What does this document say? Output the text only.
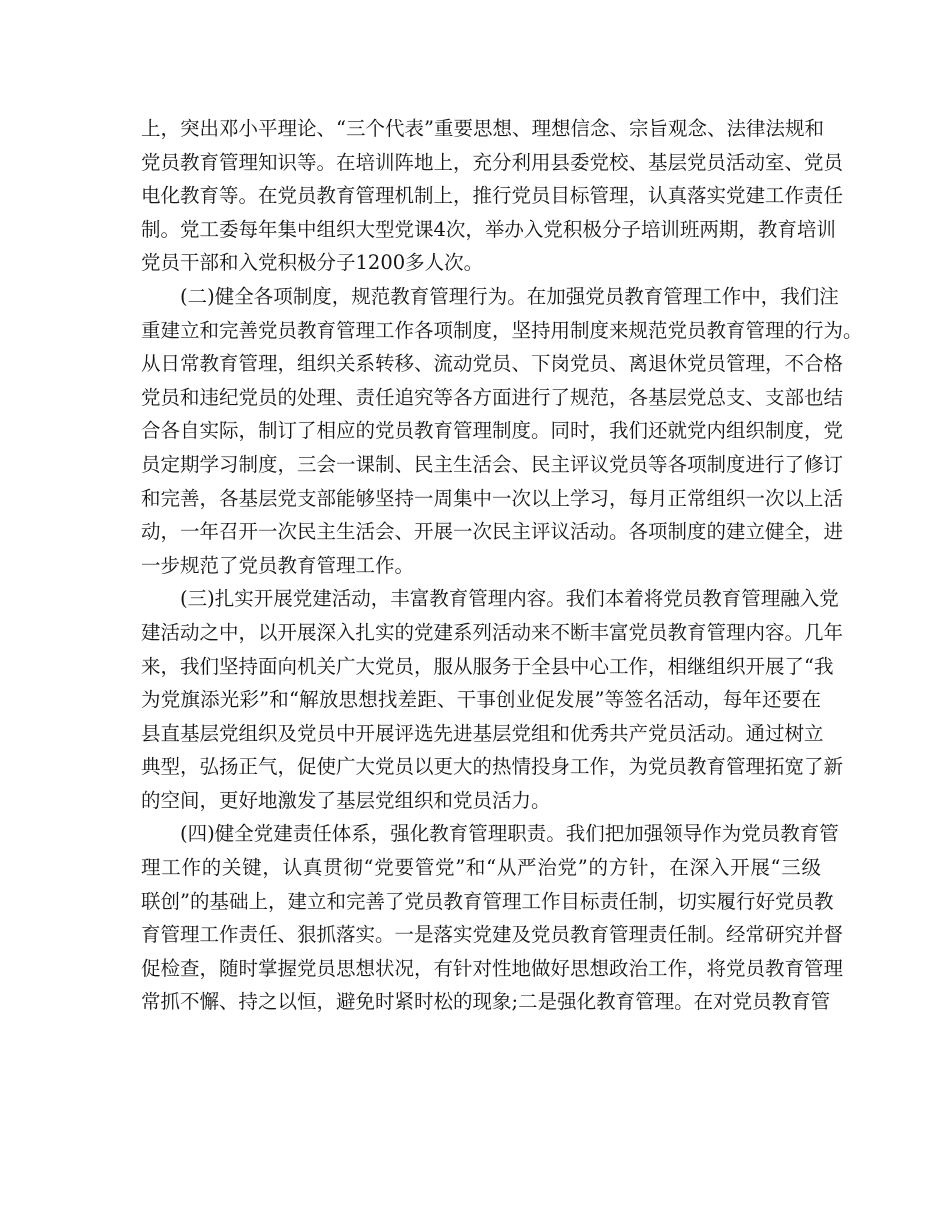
上，突出邓小平理论、“三个代表”重要思想、理想信念、宗旨观念、法律法规和
党员教育管理知识等。在培训阵地上，充分利用县委党校、基层党员活动室、党员
电化教育等。在党员教育管理机制上，推行党员目标管理，认真落实党建工作责任
制。党工委每年集中组织大型党课4次，举办入党积极分子培训班两期，教育培训
党员干部和入党积极分子1200多人次。
(二)健全各项制度，规范教育管理行为。在加强党员教育管理工作中，我们注
重建立和完善党员教育管理工作各项制度，坚持用制度来规范党员教育管理的行为。
从日常教育管理，组织关系转移、流动党员、下岗党员、离退休党员管理，不合格
党员和违纪党员的处理、责任追究等各方面进行了规范，各基层党总支、支部也结
合各自实际，制订了相应的党员教育管理制度。同时，我们还就党内组织制度，党
员定期学习制度，三会一课制、民主生活会、民主评议党员等各项制度进行了修订
和完善，各基层党支部能够坚持一周集中一次以上学习，每月正常组织一次以上活
动，一年召开一次民主生活会、开展一次民主评议活动。各项制度的建立健全，进
一步规范了党员教育管理工作。
(三)扎实开展党建活动，丰富教育管理内容。我们本着将党员教育管理融入党
建活动之中，以开展深入扎实的党建系列活动来不断丰富党员教育管理内容。几年
来，我们坚持面向机关广大党员，服从服务于全县中心工作，相继组织开展了“我
为党旗添光彩”和“解放思想找差距、干事创业促发展”等签名活动，每年还要在
县直基层党组织及党员中开展评选先进基层党组和优秀共产党员活动。通过树立
典型，弘扬正气，促使广大党员以更大的热情投身工作，为党员教育管理拓宽了新
的空间，更好地激发了基层党组织和党员活力。
(四)健全党建责任体系，强化教育管理职责。我们把加强领导作为党员教育管
理工作的关键，认真贯彻“党要管党”和“从严治党”的方针，在深入开展“三级
联创”的基础上，建立和完善了党员教育管理工作目标责任制，切实履行好党员教
育管理工作责任、狠抓落实。一是落实党建及党员教育管理责任制。经常研究并督
促检查，随时掌握党员思想状况，有针对性地做好思想政治工作，将党员教育管理
常抓不懈、持之以恒，避免时紧时松的现象;二是强化教育管理。在对党员教育管
